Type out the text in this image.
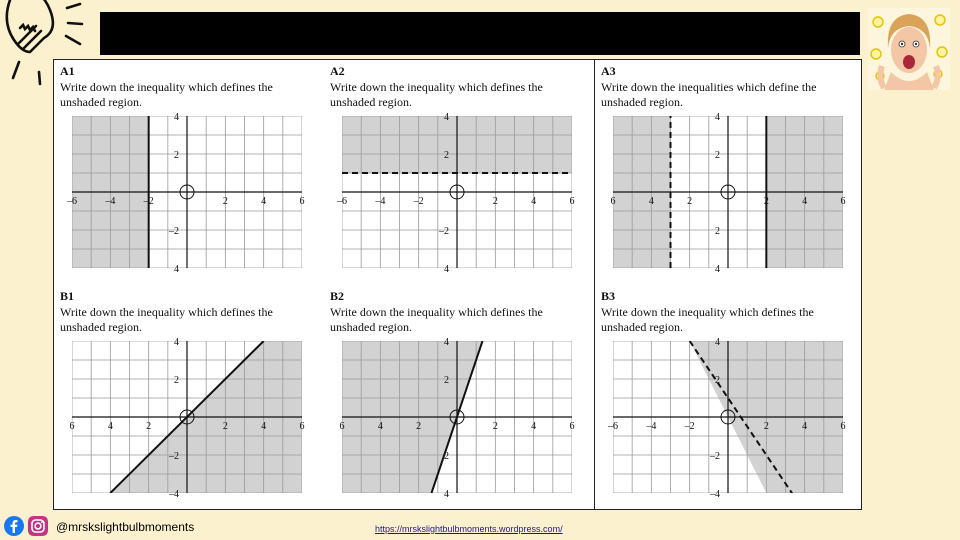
A1
Write down the inequality which defines the
unshaded region.
–6	–4	–2	2	4	6
4
2
–2
4
A2
Write down the inequality which defines the
unshaded region.
–6	–4	–2	2	4	6
4
2
–2
4
A3
Write down the inequalities which define the
unshaded region.
6	4	2	2	4	6
4
2
2
4
B1
Write down the inequality which defines the
unshaded region.
6	4	2	2	4	6
4
2
–2
–4
B2
Write down the inequality which defines the
unshaded region.
6	4	2	2	4	6
4
2
2
4
B3
Write down the inequality which defines the
unshaded region.
–6	–4	–2	2	4	6
4
2
–2
–4
@mrskslightbulbmoments	https://mrskslightbulbmoments.wordpress.com/
